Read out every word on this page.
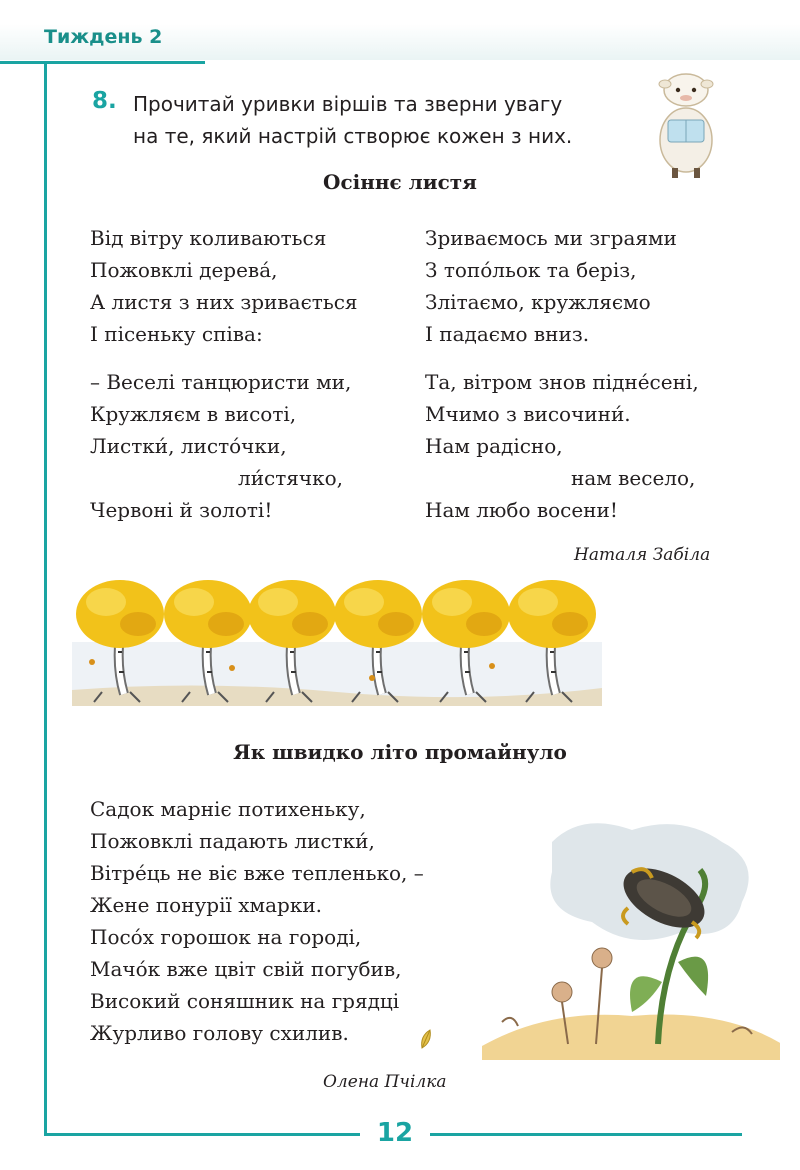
Тиждень 2
12
8. Прочитай уривки віршів та зверни увагу
на те, який настрій створює кожен з них.
Осіннє листя
Від вітру коливаються
Пожовклі дерева́,
А листя з них зривається
І пісеньку співа:
– Веселі танцюристи ми,
Кружляєм в висоті,
Листки́, листо́чки,
ли́стячко,
Червоні й золоті!
Зриваємось ми зграями
З топо́льок та беріз,
Злітаємо, кружляємо
І падаємо вниз.
Та, вітром знов підне́сені,
Мчимо з височини́.
Нам радісно,
нам весело,
Нам любо восени!
Наталя Забіла
Як швидко літо промайнуло
Садок марніє потихеньку,
Пожовклі падають листки́,
Вітре́ць не віє вже тепленько, –
Жене понурії хмарки.
Посо́х горошок на городі,
Мачо́к вже цвіт свій погубив,
Високий соняшник на грядці
Журливо голову схилив.
Олена Пчілка
